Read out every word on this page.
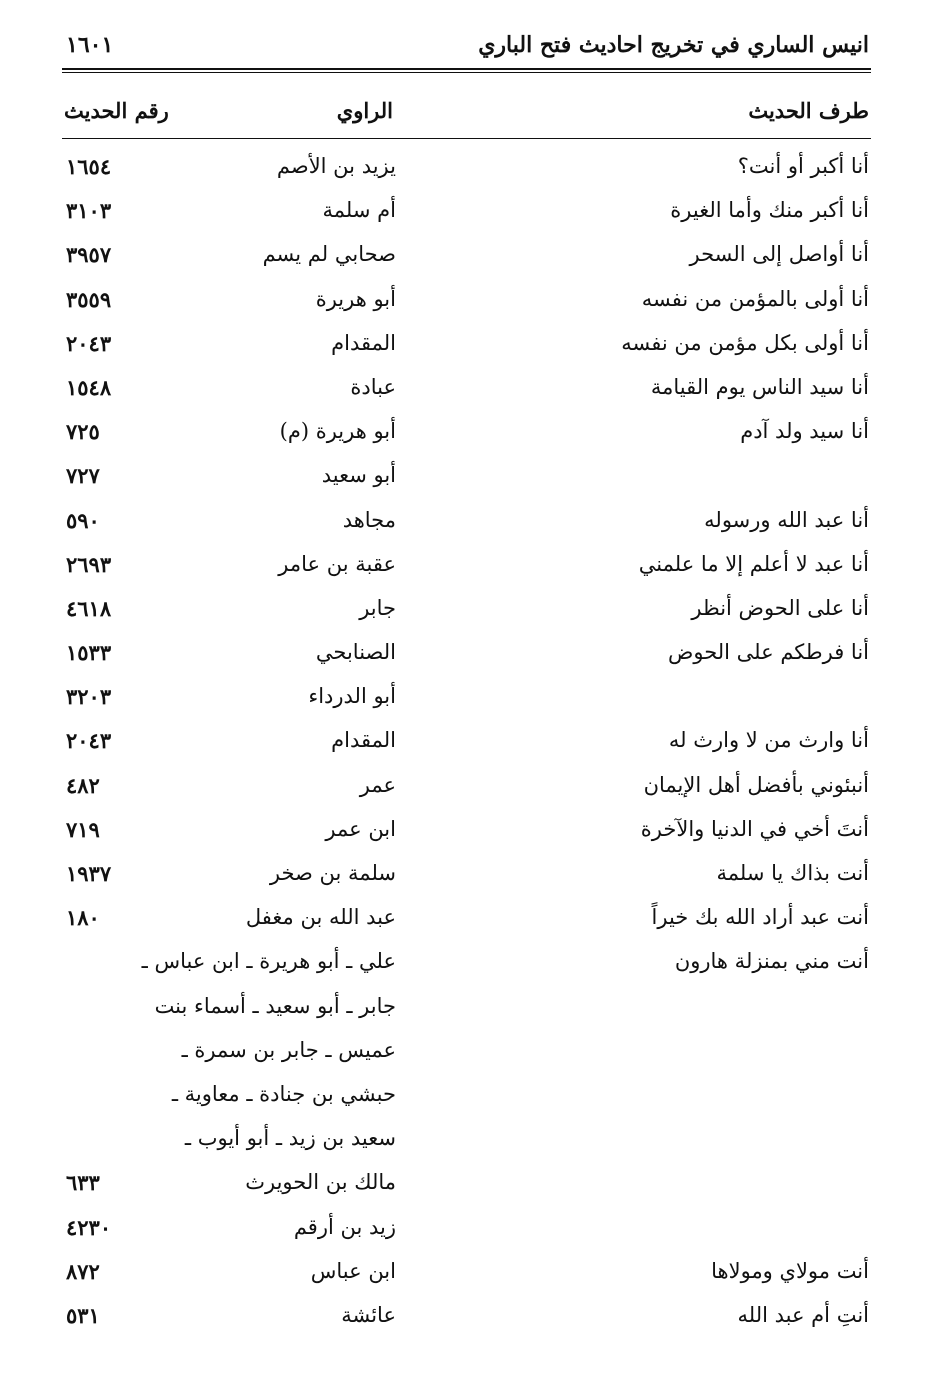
انيس الساري في تخريج احاديث فتح الباري
١٦٠١
طرف الحديث
الراوي
رقم الحديث
أنا أكبر أو أنت؟
يزيد بن الأصم
١٦٥٤
أنا أكبر منك وأما الغيرة
أم سلمة
٣١٠٣
أنا أواصل إلى السحر
صحابي لم يسم
٣٩٥٧
أنا أولى بالمؤمن من نفسه
أبو هريرة
٣٥٥٩
أنا أولى بكل مؤمن من نفسه
المقدام
٢٠٤٣
أنا سيد الناس يوم القيامة
عبادة
١٥٤٨
أنا سيد ولد آدم
أبو هريرة (م)
٧٢٥
أبو سعيد
٧٢٧
أنا عبد الله ورسوله
مجاهد
٥٩٠
أنا عبد لا أعلم إلا ما علمني
عقبة بن عامر
٢٦٩٣
أنا على الحوض أنظر
جابر
٤٦١٨
أنا فرطكم على الحوض
الصنابحي
١٥٣٣
أبو الدرداء
٣٢٠٣
أنا وارث من لا وارث له
المقدام
٢٠٤٣
أنبئوني بأفضل أهل الإيمان
عمر
٤٨٢
أنتَ أخي في الدنيا والآخرة
ابن عمر
٧١٩
أنت بذاك يا سلمة
سلمة بن صخر
١٩٣٧
أنت عبد أراد الله بك خيراً
عبد الله بن مغفل
١٨٠
أنت مني بمنزلة هارون
علي ـ أبو هريرة ـ ابن عباس ـ
جابر ـ أبو سعيد ـ أسماء بنت
عميس ـ جابر بن سمرة ـ
حبشي بن جنادة ـ معاوية ـ
سعيد بن زيد ـ أبو أيوب ـ
مالك بن الحويرث
٦٣٣
زيد بن أرقم
٤٢٣٠
أنت مولاي ومولاها
ابن عباس
٨٧٢
أنتِ أم عبد الله
عائشة
٥٣١
